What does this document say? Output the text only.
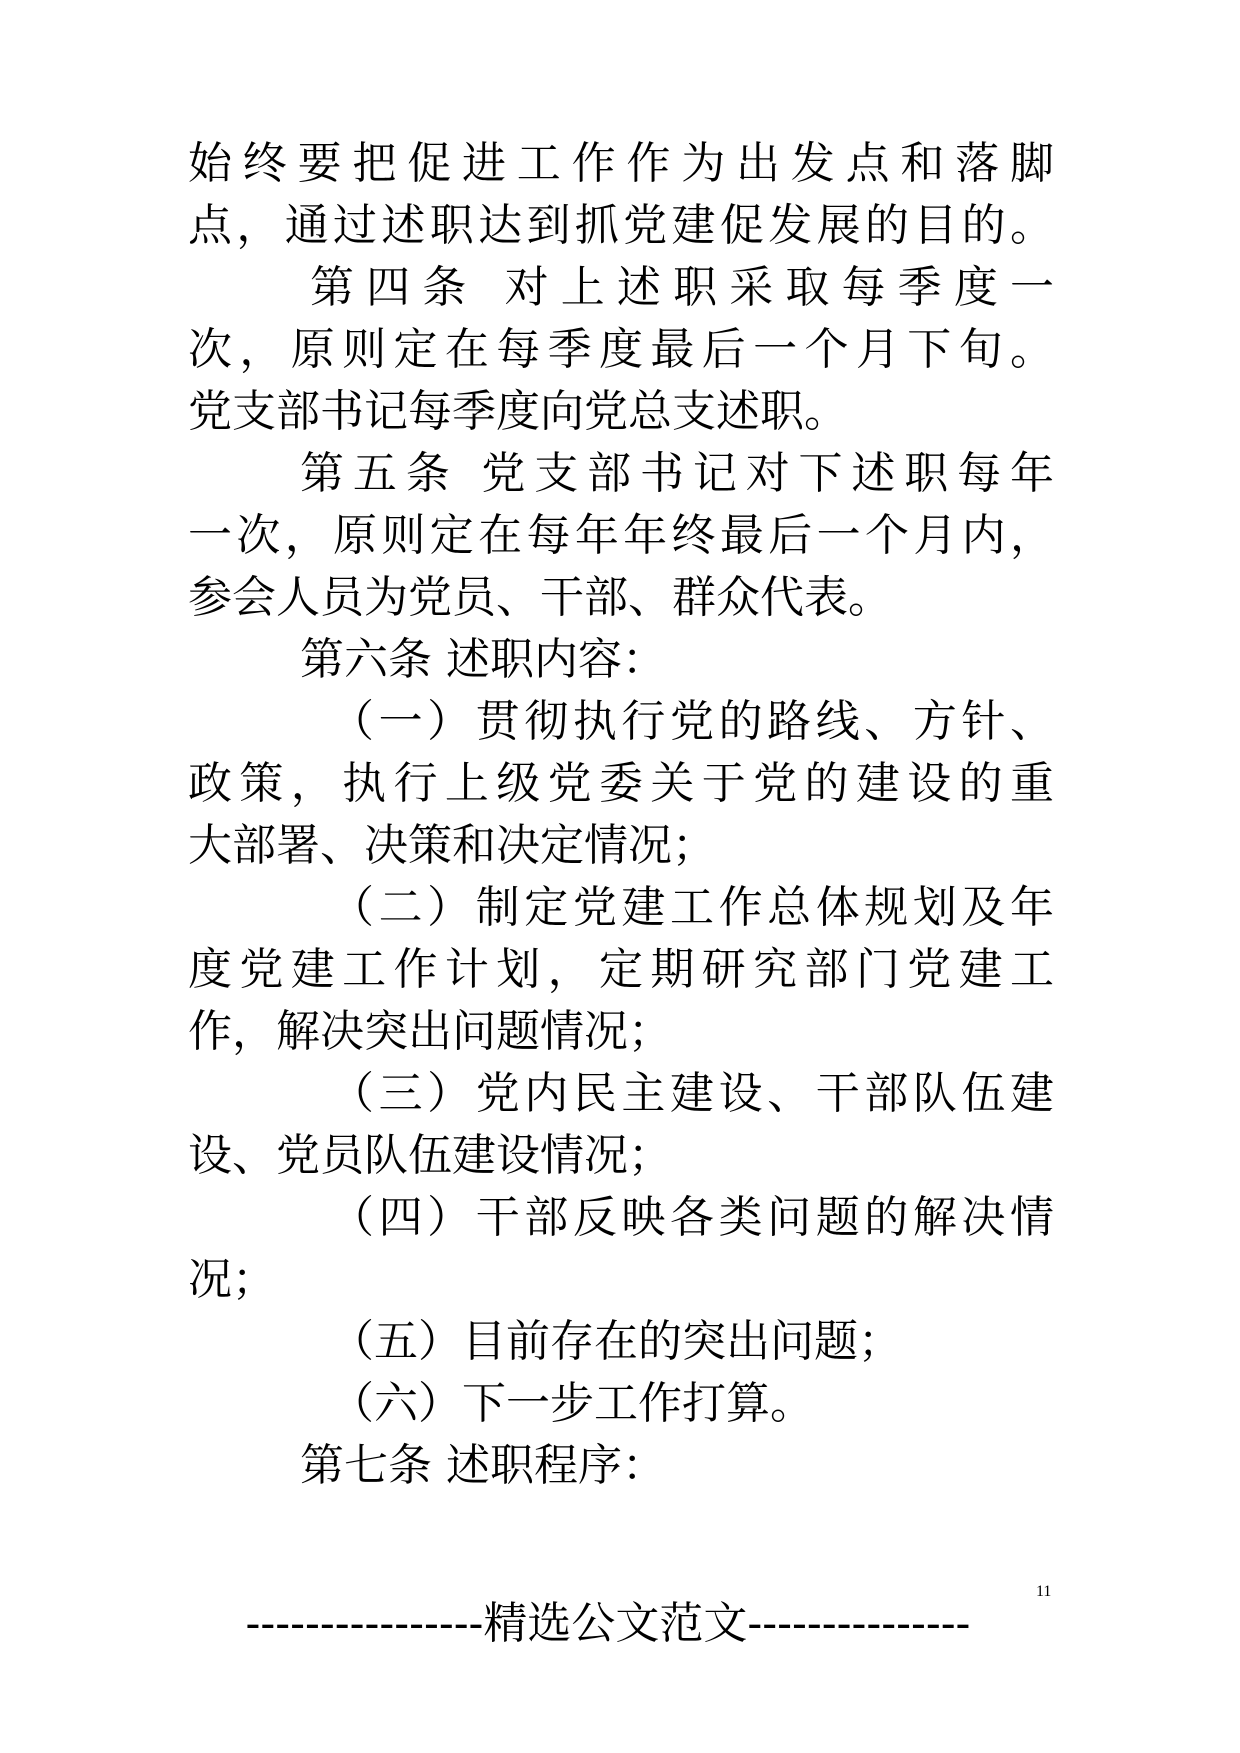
始终要把促进工作作为出发点和落脚
点，通过述职达到抓党建促发展的目的。
第四条 对上述职采取每季度一
次，原则定在每季度最后一个月下旬。
党支部书记每季度向党总支述职。
第五条 党支部书记对下述职每年
一次，原则定在每年年终最后一个月内，
参会人员为党员、干部、群众代表。
第六条 述职内容：
（一）贯彻执行党的路线、方针、
政策，执行上级党委关于党的建设的重
大部署、决策和决定情况；
（二）制定党建工作总体规划及年
度党建工作计划，定期研究部门党建工
作，解决突出问题情况；
（三）党内民主建设、干部队伍建
设、党员队伍建设情况；
（四）干部反映各类问题的解决情
况；
（五）目前存在的突出问题；
（六）下一步工作打算。
第七条 述职程序：
11
----------------精选公文范文---------------
